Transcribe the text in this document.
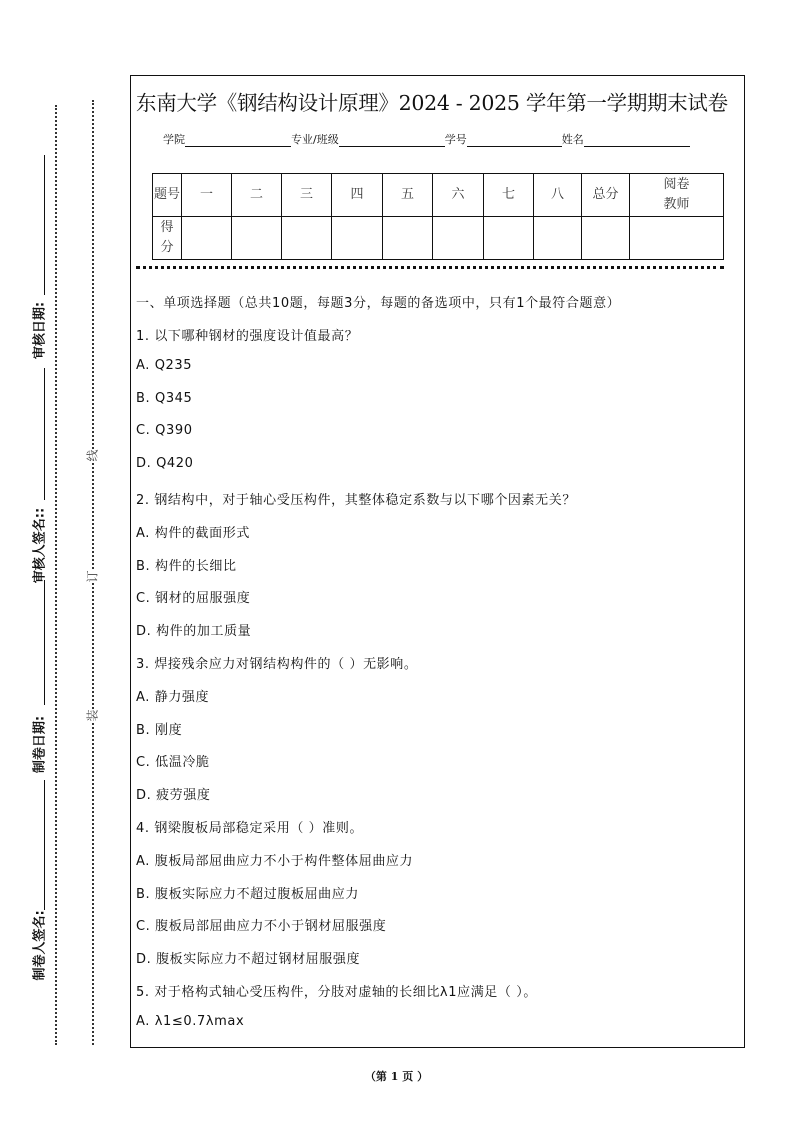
审核日期:
审核人签名::
制卷日期:
制卷人签名:
线
订
装
东南大学《钢结构设计原理》2024 - 2025 学年第一学期期末试卷
学院	专业/班级	学号	姓名
题号	一	二	三	四	五	六	七	八	总分	阅卷教师
得分										
一、单项选择题（总共10题，每题3分，每题的备选项中，只有1个最符合题意）
1. 以下哪种钢材的强度设计值最高？
A. Q235
B. Q345
C. Q390
D. Q420
2. 钢结构中，对于轴心受压构件，其整体稳定系数与以下哪个因素无关？
A. 构件的截面形式
B. 构件的长细比
C. 钢材的屈服强度
D. 构件的加工质量
3. 焊接残余应力对钢结构构件的（ ）无影响。
A. 静力强度
B. 刚度
C. 低温冷脆
D. 疲劳强度
4. 钢梁腹板局部稳定采用（ ）准则。
A. 腹板局部屈曲应力不小于构件整体屈曲应力
B. 腹板实际应力不超过腹板屈曲应力
C. 腹板局部屈曲应力不小于钢材屈服强度
D. 腹板实际应力不超过钢材屈服强度
5. 对于格构式轴心受压构件，分肢对虚轴的长细比λ1应满足（ ）。
A. λ1≤0.7λmax
（第 1 页 ）
